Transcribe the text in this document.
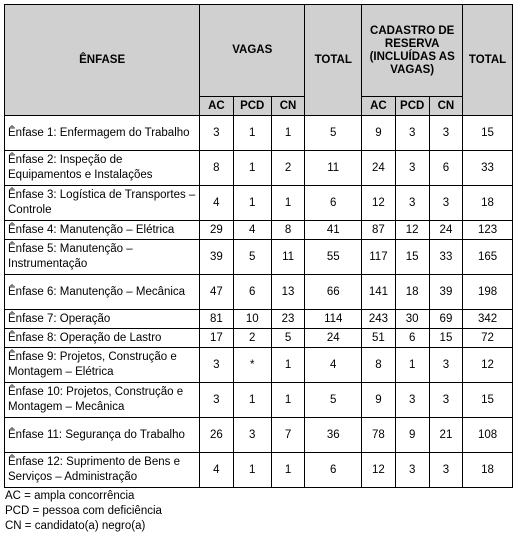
ÊNFASE	VAGAS			TOTAL	CADASTRO DE RESERVA (INCLUÍDAS AS VAGAS)			TOTAL
	AC	PCD	CN		AC	PCD	CN	
Ênfase 1: Enfermagem do Trabalho	3	1	1	5	9	3	3	15
Ênfase 2: Inspeção de Equipamentos e Instalações	8	1	2	11	24	3	6	33
Ênfase 3: Logística de Transportes – Controle	4	1	1	6	12	3	3	18
Ênfase 4: Manutenção – Elétrica	29	4	8	41	87	12	24	123
Ênfase 5: Manutenção – Instrumentação	39	5	11	55	117	15	33	165
Ênfase 6: Manutenção – Mecânica	47	6	13	66	141	18	39	198
Ênfase 7: Operação	81	10	23	114	243	30	69	342
Ênfase 8: Operação de Lastro	17	2	5	24	51	6	15	72
Ênfase 9: Projetos, Construção e Montagem – Elétrica	3	*	1	4	8	1	3	12
Ênfase 10: Projetos, Construção e Montagem – Mecânica	3	1	1	5	9	3	3	15
Ênfase 11: Segurança do Trabalho	26	3	7	36	78	9	21	108
Ênfase 12: Suprimento de Bens e Serviços – Administração	4	1	1	6	12	3	3	18
AC = ampla concorrência
PCD = pessoa com deficiência
CN = candidato(a) negro(a)
